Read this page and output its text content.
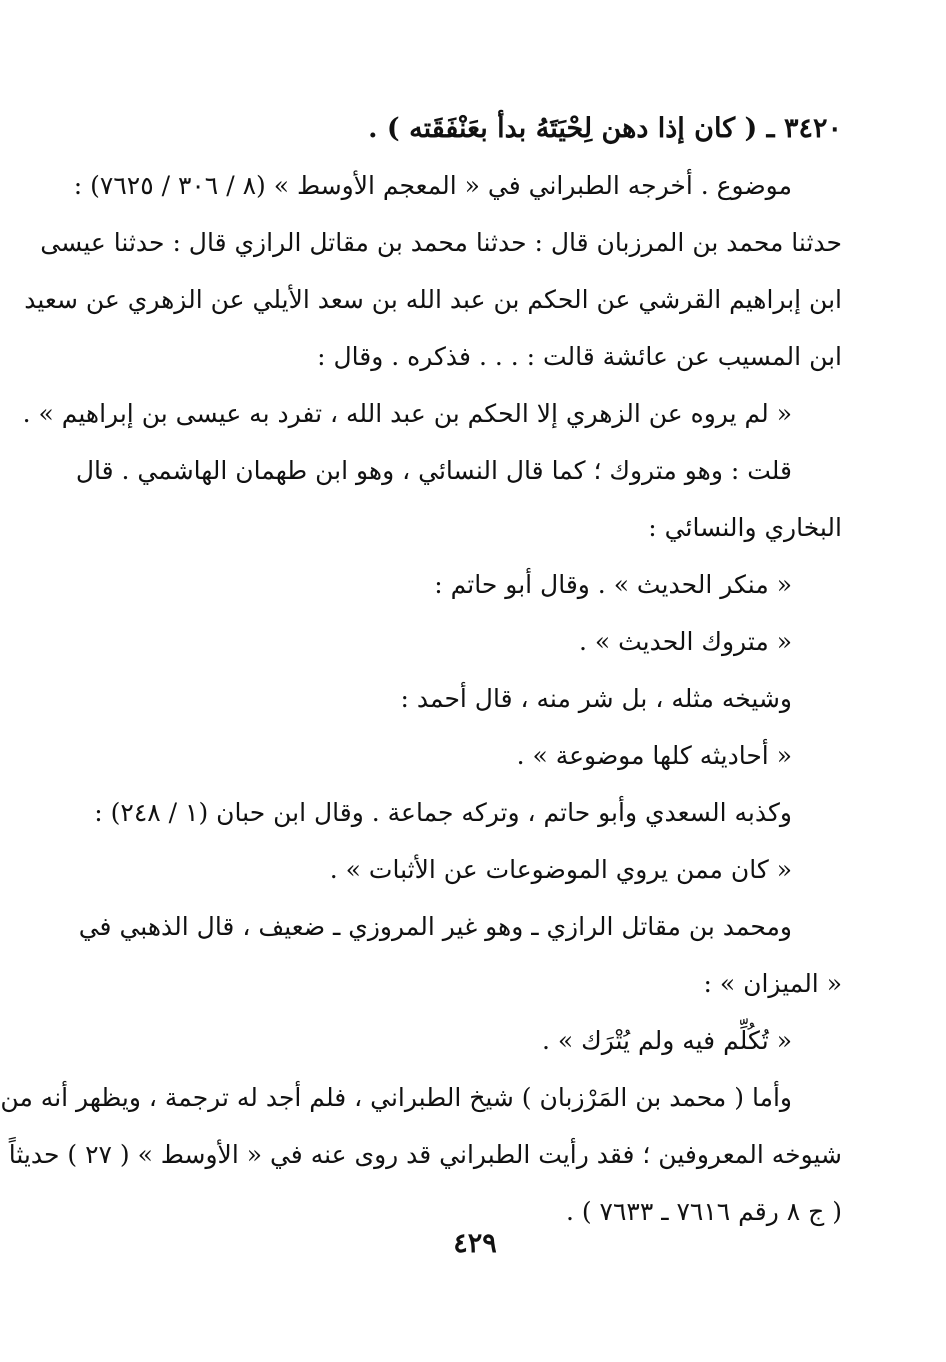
٣٤٢٠ ـ ( كان إذا دهن لِحْيَتَهُ بدأ بعَنْفَقَته ) .

موضوع . أخرجه الطبراني في « المعجم الأوسط » (٨ / ٣٠٦ / ٧٦٢٥) :

حدثنا محمد بن المرزبان قال : حدثنا محمد بن مقاتل الرازي قال : حدثنا عيسى

ابن إبراهيم القرشي عن الحكم بن عبد الله بن سعد الأيلي عن الزهري عن سعيد

ابن المسيب عن عائشة قالت : . . . فذكره . وقال :

« لم يروه عن الزهري إلا الحكم بن عبد الله ، تفرد به عيسى بن إبراهيم » .

قلت : وهو متروك ؛ كما قال النسائي ، وهو ابن طهمان الهاشمي . قال

البخاري والنسائي :

« منكر الحديث » . وقال أبو حاتم :

« متروك الحديث » .

وشيخه مثله ، بل شر منه ، قال أحمد :

« أحاديثه كلها موضوعة » .

وكذبه السعدي وأبو حاتم ، وتركه جماعة . وقال ابن حبان (١ / ٢٤٨) :

« كان ممن يروي الموضوعات عن الأثبات » .

ومحمد بن مقاتل الرازي ـ وهو غير المروزي ـ ضعيف ، قال الذهبي في

« الميزان » :

« تُكُلِّم فيه ولم يُتْرَك » .

وأما ( محمد بن المَرْزبان ) شيخ الطبراني ، فلم أجد له ترجمة ، ويظهر أنه من

شيوخه المعروفين ؛ فقد رأيت الطبراني قد روى عنه في « الأوسط » ( ٢٧ ) حديثاً

( ج ٨ رقم ٧٦١٦ ـ ٧٦٣٣ ) .

٤٢٩
